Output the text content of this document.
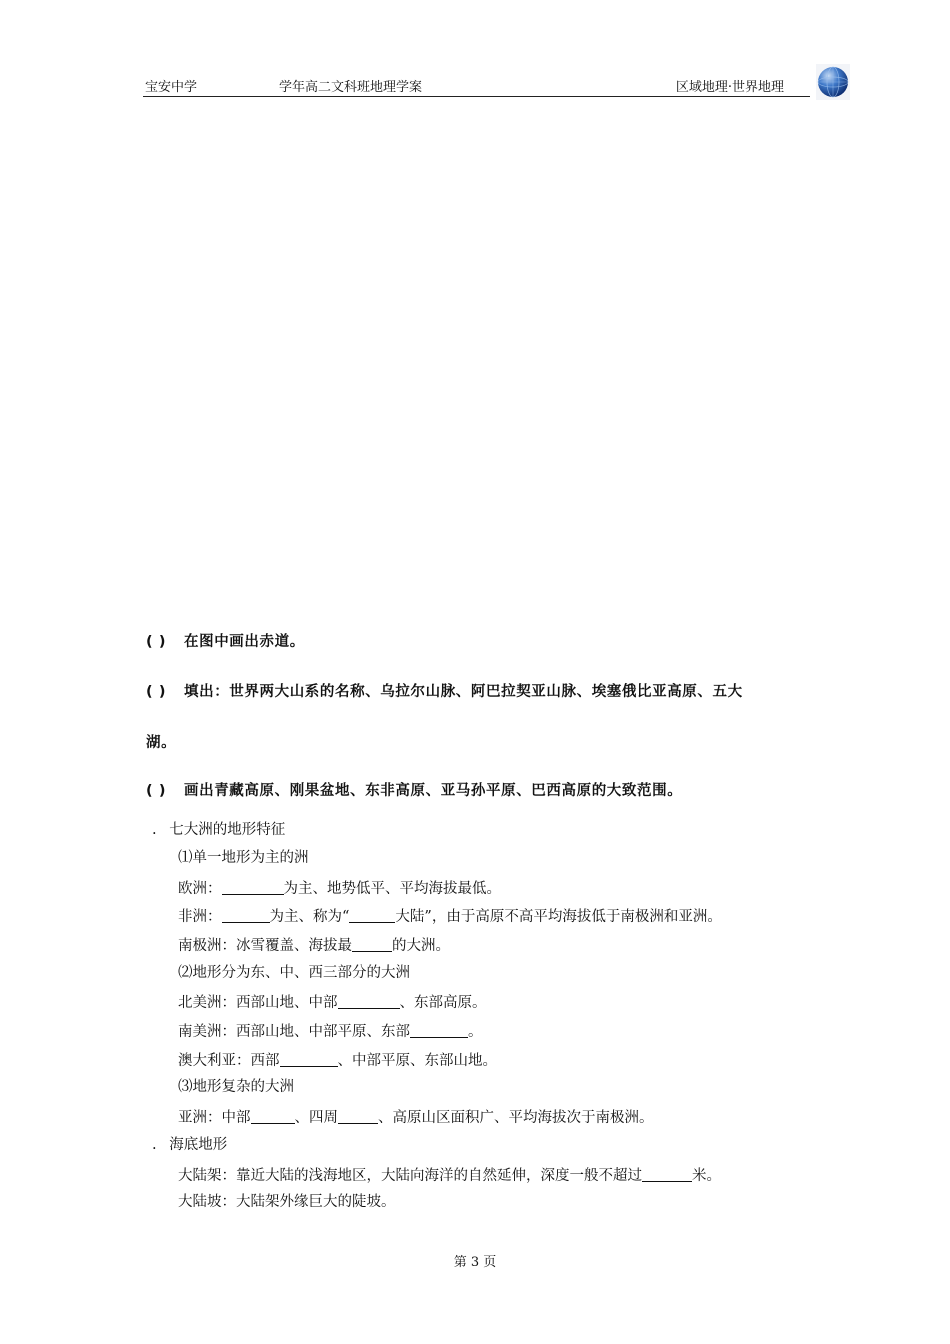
宝安中学	学年高二文科班地理学案	区域地理·世界地理
( ) 在图中画出赤道。
( ) 填出：世界两大山系的名称、乌拉尔山脉、阿巴拉契亚山脉、埃塞俄比亚高原、五大
湖。
( ) 画出青藏高原、刚果盆地、东非高原、亚马孙平原、巴西高原的大致范围。
. 七大洲的地形特征
⑴单一地形为主的洲
欧洲：	为主、地势低平、平均海拔最低。
非洲：	为主、称为“	大陆”，由于高原不高平均海拔低于南极洲和亚洲。
南极洲：冰雪覆盖、海拔最	的大洲。
⑵地形分为东、中、西三部分的大洲
北美洲：西部山地、中部	、东部高原。
南美洲：西部山地、中部平原、东部	。
澳大利亚：西部	、中部平原、东部山地。
⑶地形复杂的大洲
亚洲：中部	、四周	、高原山区面积广、平均海拔次于南极洲。
. 海底地形
大陆架：靠近大陆的浅海地区，大陆向海洋的自然延伸，深度一般不超过	米。
大陆坡：大陆架外缘巨大的陡坡。
第 3 页
